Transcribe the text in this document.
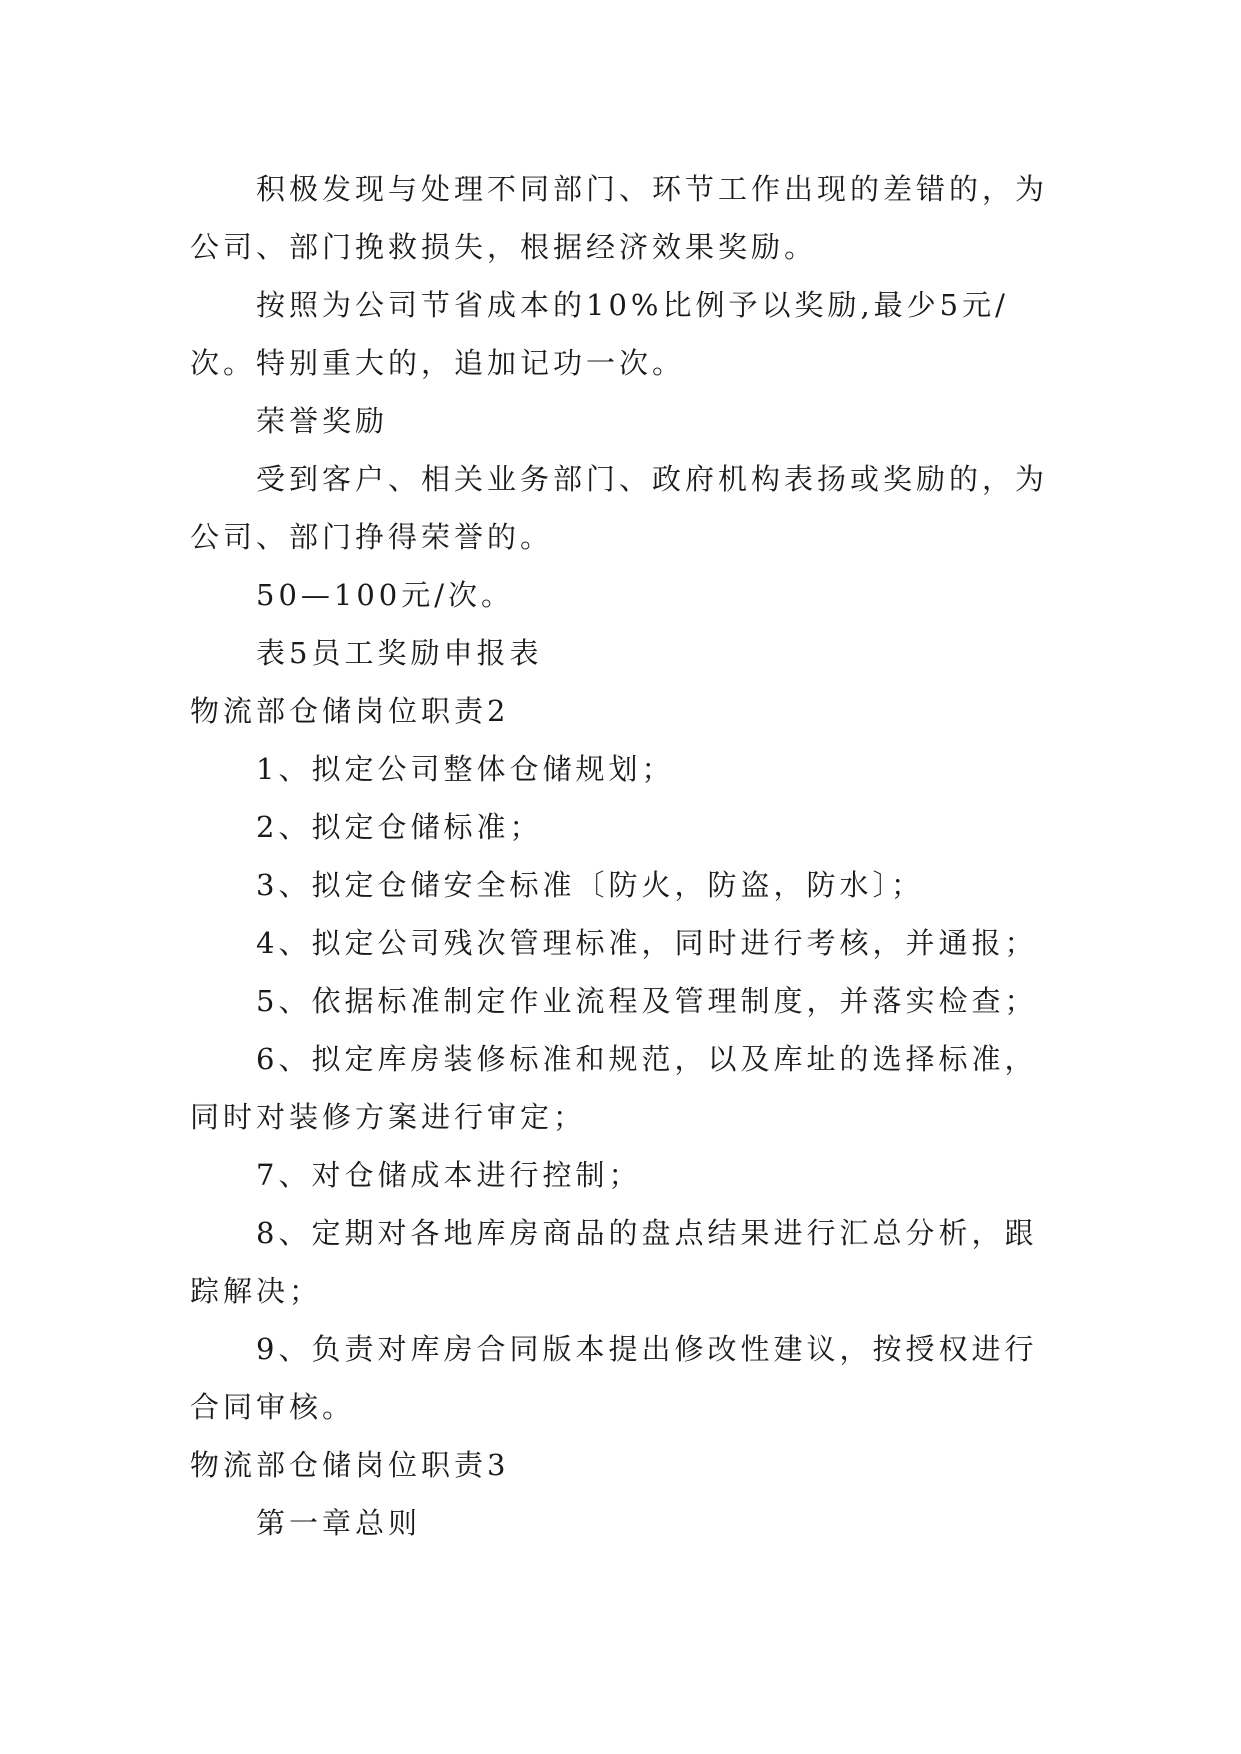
积极发现与处理不同部门、环节工作出现的差错的，为公司、部门挽救损失，根据经济效果奖励。

按照为公司节省成本的10%比例予以奖励,最少5元/次。特别重大的，追加记功一次。

荣誉奖励

受到客户、相关业务部门、政府机构表扬或奖励的，为公司、部门挣得荣誉的。

50—100元/次。

表5员工奖励申报表

物流部仓储岗位职责2

1、拟定公司整体仓储规划；

2、拟定仓储标准；

3、拟定仓储安全标准〔防火，防盗，防水〕；

4、拟定公司残次管理标准，同时进行考核，并通报；

5、依据标准制定作业流程及管理制度，并落实检查；

6、拟定库房装修标准和规范，以及库址的选择标准，同时对装修方案进行审定；

7、对仓储成本进行控制；

8、定期对各地库房商品的盘点结果进行汇总分析，跟踪解决；

9、负责对库房合同版本提出修改性建议，按授权进行合同审核。

物流部仓储岗位职责3

第一章总则
